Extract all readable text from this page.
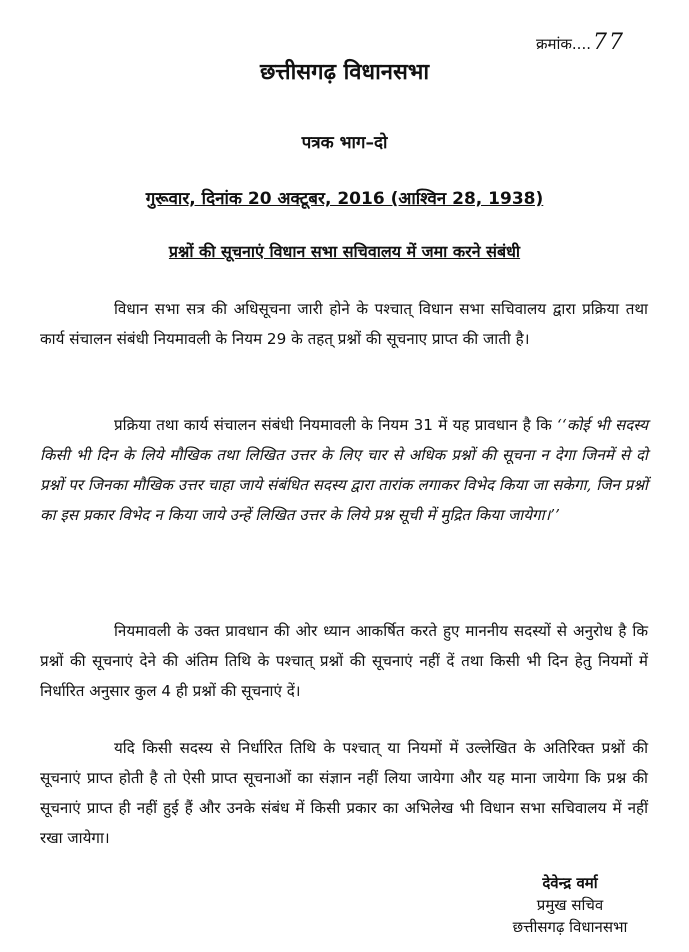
क्रमांक....77
छत्तीसगढ़ विधानसभा
पत्रक भाग–दो
गुरूवार, दिनांक 20 अक्टूबर, 2016 (आश्विन 28, 1938)
प्रश्नों की सूचनाएं विधान सभा सचिवालय में जमा करने संबंधी

विधान सभा सत्र की अधिसूचना जारी होने के पश्चात् विधान सभा सचिवालय द्वारा प्रक्रिया तथा कार्य संचालन संबंधी नियमावली के नियम 29 के तहत् प्रश्नों की सूचनाए प्राप्त की जाती है।

प्रक्रिया तथा कार्य संचालन संबंधी नियमावली के नियम 31 में यह प्रावधान है कि ‘‘कोई भी सदस्य किसी भी दिन के लिये मौखिक तथा लिखित उत्तर के लिए चार से अधिक प्रश्नों की सूचना न देगा जिनमें से दो प्रश्नों पर जिनका मौखिक उत्तर चाहा जाये संबंधित सदस्य द्वारा तारांक लगाकर विभेद किया जा सकेगा, जिन प्रश्नों का इस प्रकार विभेद न किया जाये उन्हें लिखित उत्तर के लिये प्रश्न सूची में मुद्रित किया जायेगा।’’

नियमावली के उक्त प्रावधान की ओर ध्यान आकर्षित करते हुए माननीय सदस्यों से अनुरोध है कि प्रश्नों की सूचनाएं देने की अंतिम तिथि के पश्चात् प्रश्नों की सूचनाएं नहीं दें तथा किसी भी दिन हेतु नियमों में निर्धारित अनुसार कुल 4 ही प्रश्नों की सूचनाएं दें।

यदि किसी सदस्य से निर्धारित तिथि के पश्चात् या नियमों में उल्लेखित के अतिरिक्त प्रश्नों की सूचनाएं प्राप्त होती है तो ऐसी प्राप्त सूचनाओं का संज्ञान नहीं लिया जायेगा और यह माना जायेगा कि प्रश्न की सूचनाएं प्राप्त ही नहीं हुई हैं और उनके संबंध में किसी प्रकार का अभिलेख भी विधान सभा सचिवालय में नहीं रखा जायेगा।

देवेन्द्र वर्मा
प्रमुख सचिव
छत्तीसगढ़ विधानसभा
